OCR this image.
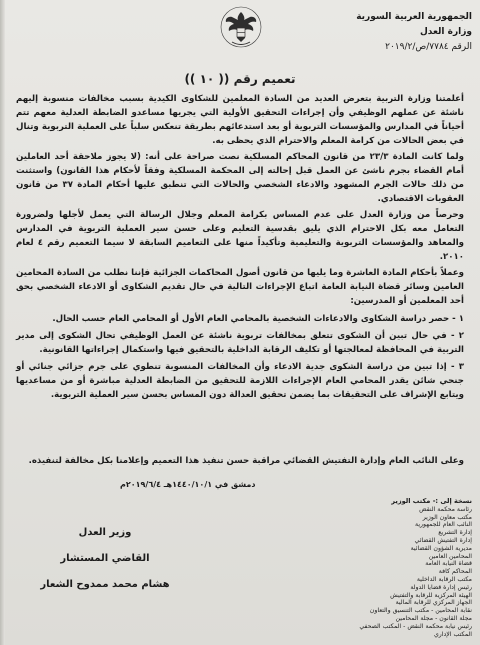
الجمهورية العربية السورية
وزارة العدل
الرقم ٧٧٨٤/ص/٢٠١٩/٢
تعميم رقم (( ١٠ ))

أعلمتنا وزارة التربية بتعرض العديد من السادة المعلمين للشكاوى الكيدية بسبب مخالفات منسوبة إليهم ناشئة عن عملهم الوظيفي وأن إجراءات التحقيق الأولية التي يجريها مساعدو الضابطة العدلية معهم تتم أحياناً في المدارس والمؤسسات التربوية أو بعد استدعائهم بطريقة تنعكس سلباً على العملية التربوية وتنال في بعض الحالات من كرامة المعلم والاحترام الذي يحظى به.

ولما كانت المادة ٢٣/٣ من قانون المحاكم المسلكية نصت صراحة على أنه: (لا يجوز ملاحقة أحد العاملين أمام القضاء بجرم ناشئ عن العمل قبل إحالته إلى المحكمة المسلكية وفقاً لأحكام هذا القانون) واستثنت من ذلك حالات الجرم المشهود والادعاء الشخصي والحالات التي تنطبق عليها أحكام المادة ٣٧ من قانون العقوبات الاقتصادي.

وحرصاً من وزارة العدل على عدم المساس بكرامة المعلم وجلال الرسالة التي يعمل لأجلها ولضرورة التعامل معه بكل الاحترام الذي يليق بقدسية التعليم وعلى حسن سير العملية التربوية في المدارس والمعاهد والمؤسسات التربوية والتعليمية وتأكيداً منها على التعاميم السابقة لا سيما التعميم رقم ٤ لعام ٢٠١٠.

وعملاً بأحكام المادة العاشرة وما يليها من قانون أصول المحاكمات الجزائية فإننا نطلب من السادة المحامين العامين وسائر قضاة النيابة العامة اتباع الإجراءات التالية في حال تقديم الشكاوى أو الادعاء الشخصي بحق أحد المعلمين أو المدرسين:

١ - حصر دراسة الشكاوى والادعاءات الشخصية بالمحامي العام الأول أو المحامي العام حسب الحال.

٢ - في حال تبين أن الشكوى تتعلق بمخالفات تربوية ناشئة عن العمل الوظيفي تحال الشكوى إلى مدير التربية في المحافظة لمعالجتها أو تكليف الرقابة الداخلية بالتحقيق فيها واستكمال إجراءاتها القانونية.

٣ - إذا تبين من دراسة الشكوى جدية الادعاء وأن المخالفات المنسوبة تنطوي على جرم جزائي جنائي أو جنحي شائن يقدر المحامي العام الإجراءات اللازمة للتحقيق من الضابطة العدلية مباشرة أو من مساعديها ويتابع الإشراف على التحقيقات بما يضمن تحقيق العدالة دون المساس بحسن سير العملية التربوية.

وعلى النائب العام وإدارة التفتيش القضائي مراقبة حسن تنفيذ هذا التعميم وإعلامنا بكل مخالفة لتنفيذه.
دمشق في ١٤٤٠/١٠/١هـ ٢٠١٩/٦/٤م
وزير العدل
القاضي المستشار
هشام محمد ممدوح الشعار
نسخة إلى :- مكتب الوزير
رئاسة محكمة النقض
مكتب معاون الوزير
النائب العام للجمهورية
إدارة التشريع
إدارة التفتيش القضائي
مديرية الشؤون القضائية
المحامين العامين
قضاة النيابة العامة
المحاكم كافة
مكتب الرقابة الداخلية
رئيس إدارة قضايا الدولة
الهيئة المركزية للرقابة والتفتيش
الجهاز المركزي للرقابة المالية
نقابة المحامين - مكتب التنسيق والتعاون
مجلة القانون - مجلة المحامين
رئيس نيابة محكمة النقض - المكتب الصحفي
المكتب الإداري
